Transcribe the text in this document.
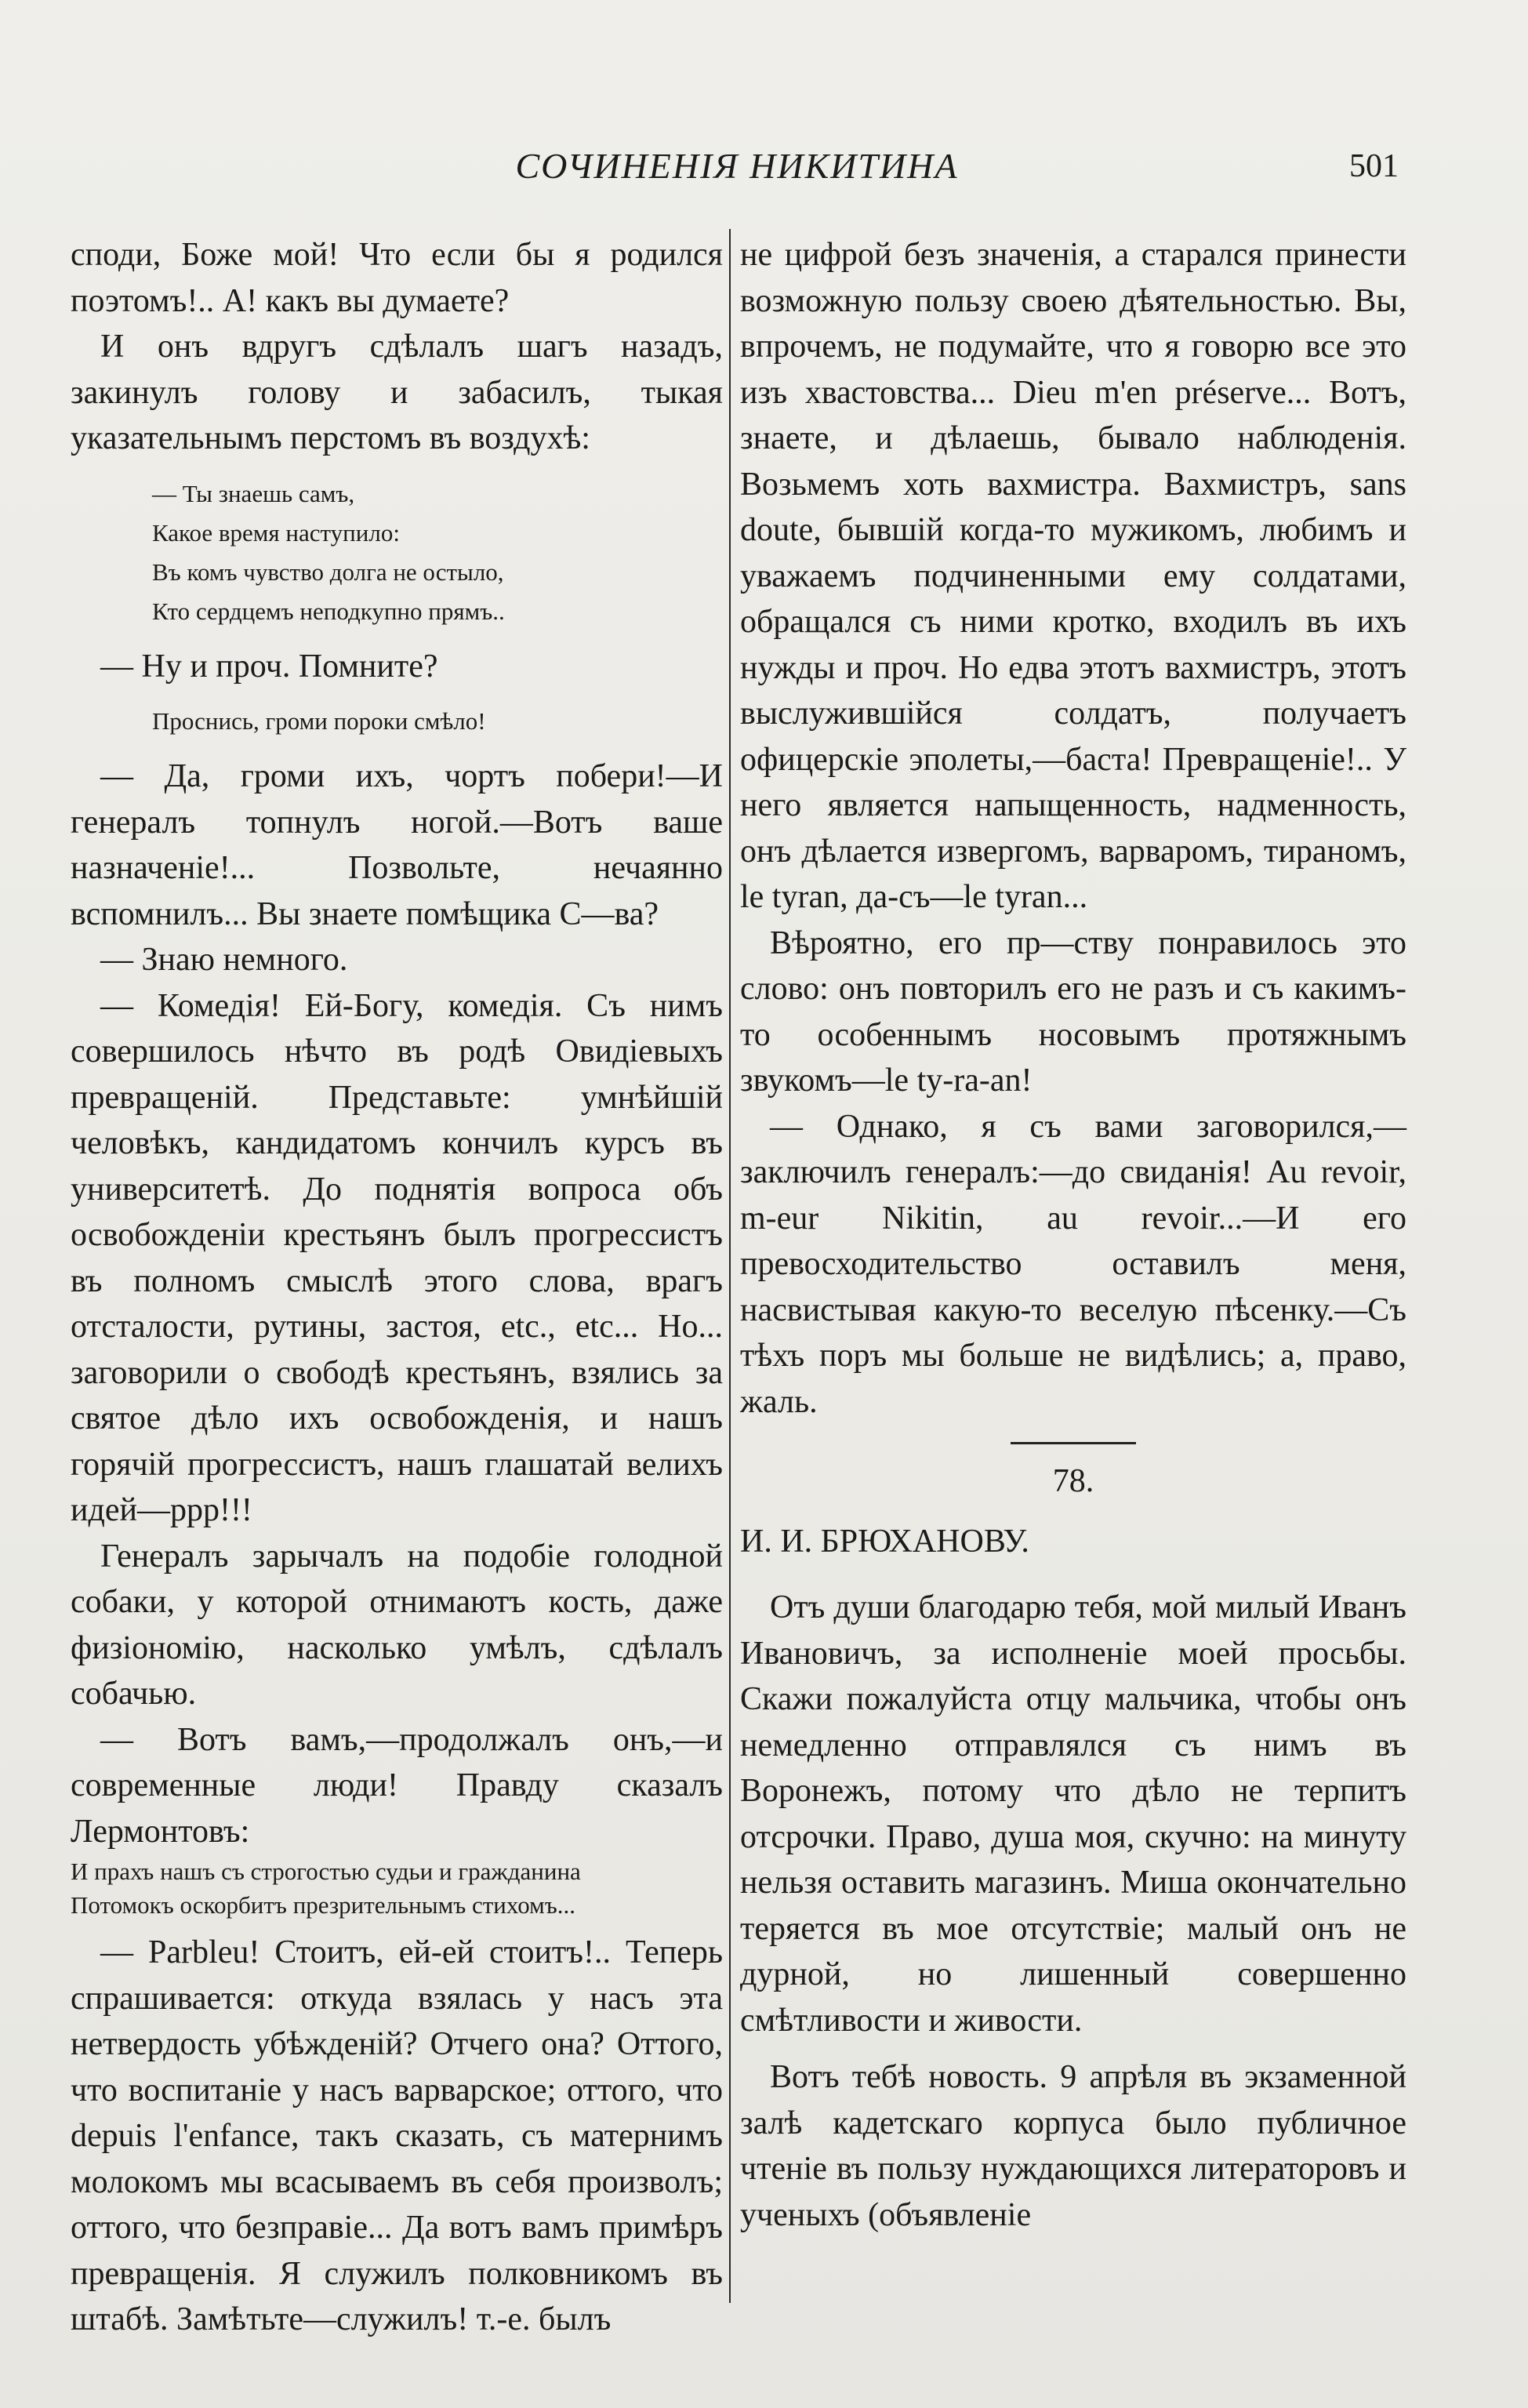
СОЧИНЕНІЯ НИКИТИНА	501

споди, Боже мой! Что если бы я родился поэтомъ!.. А! какъ вы думаете?

И онъ вдругъ сдѣлалъ шагъ назадъ, закинулъ голову и забасилъ, тыкая указательнымъ перстомъ въ воздухѣ:

— Ты знаешь самъ,
Какое время наступило:
Въ комъ чувство долга не остыло,
Кто сердцемъ неподкупно прямъ..

— Ну и проч. Помните?

Проснись, громи пороки смѣло!

— Да, громи ихъ, чортъ побери!—И генералъ топнулъ ногой.—Вотъ ваше назначеніе!... Позвольте, нечаянно вспомнилъ... Вы знаете помѣщика С—ва?

— Знаю немного.

— Комедія! Ей-Богу, комедія. Съ нимъ совершилось нѣчто въ родѣ Овидіевыхъ превращеній. Представьте: умнѣйшій человѣкъ, кандидатомъ кончилъ курсъ въ университетѣ. До поднятія вопроса объ освобожденіи крестьянъ былъ прогрессистъ въ полномъ смыслѣ этого слова, врагъ отсталости, рутины, застоя, etc., etc... Но... заговорили о свободѣ крестьянъ, взялись за святое дѣло ихъ освобожденія, и нашъ горячій прогрессистъ, нашъ глашатай велихъ идей—ррр!!!

Генералъ зарычалъ на подобіе голодной собаки, у которой отнимаютъ кость, даже физіономію, насколько умѣлъ, сдѣлалъ собачью.

— Вотъ вамъ,—продолжалъ онъ,—и современные люди! Правду сказалъ Лермонтовъ:

И прахъ нашъ съ строгостью судьи и гражданина
Потомокъ оскорбитъ презрительнымъ стихомъ...

— Parbleu! Стоитъ, ей-ей стоитъ!.. Теперь спрашивается: откуда взялась у насъ эта нетвердость убѣжденій? Отчего она? Оттого, что воспитаніе у насъ варварское; оттого, что depuis l'enfance, такъ сказать, съ матернимъ молокомъ мы всасываемъ въ себя произволъ; оттого, что безправіе... Да вотъ вамъ примѣръ превращенія. Я служилъ полковникомъ въ штабѣ. Замѣтьте—служилъ! т.-е. былъ

не цифрой безъ значенія, а старался принести возможную пользу своею дѣятельностью. Вы, впрочемъ, не подумайте, что я говорю все это изъ хвастовства... Dieu m'en préserve... Вотъ, знаете, и дѣлаешь, бывало наблюденія. Возьмемъ хоть вахмистра. Вахмистръ, sans doute, бывшій когда-то мужикомъ, любимъ и уважаемъ подчиненными ему солдатами, обращался съ ними кротко, входилъ въ ихъ нужды и проч. Но едва этотъ вахмистръ, этотъ выслужившійся солдатъ, получаетъ офицерскіе эполеты,—баста! Превращеніе!.. У него является напыщенность, надменность, онъ дѣлается извергомъ, варваромъ, тираномъ, le tyran, да-съ—le tyran...

Вѣроятно, его пр—ству понравилось это слово: онъ повторилъ его не разъ и съ какимъ-то особеннымъ носовымъ протяжнымъ звукомъ—le ty-ra-an!

— Однако, я съ вами заговорился,—заключилъ генералъ:—до свиданія! Au revoir, m-eur Nikitin, au revoir...—И его превосходительство оставилъ меня, насвистывая какую-то веселую пѣсенку.—Съ тѣхъ поръ мы больше не видѣлись; а, право, жаль.

78.

И. И. БРЮХАНОВУ.

Отъ души благодарю тебя, мой милый Иванъ Ивановичъ, за исполненіе моей просьбы. Скажи пожалуйста отцу мальчика, чтобы онъ немедленно отправлялся съ нимъ въ Воронежъ, потому что дѣло не терпитъ отсрочки. Право, душа моя, скучно: на минуту нельзя оставить магазинъ. Миша окончательно теряется въ мое отсутствіе; малый онъ не дурной, но лишенный совершенно смѣтливости и живости.

Вотъ тебѣ новость. 9 апрѣля въ экзаменной залѣ кадетскаго корпуса было публичное чтеніе въ пользу нуждающихся литераторовъ и ученыхъ (объявленіе
